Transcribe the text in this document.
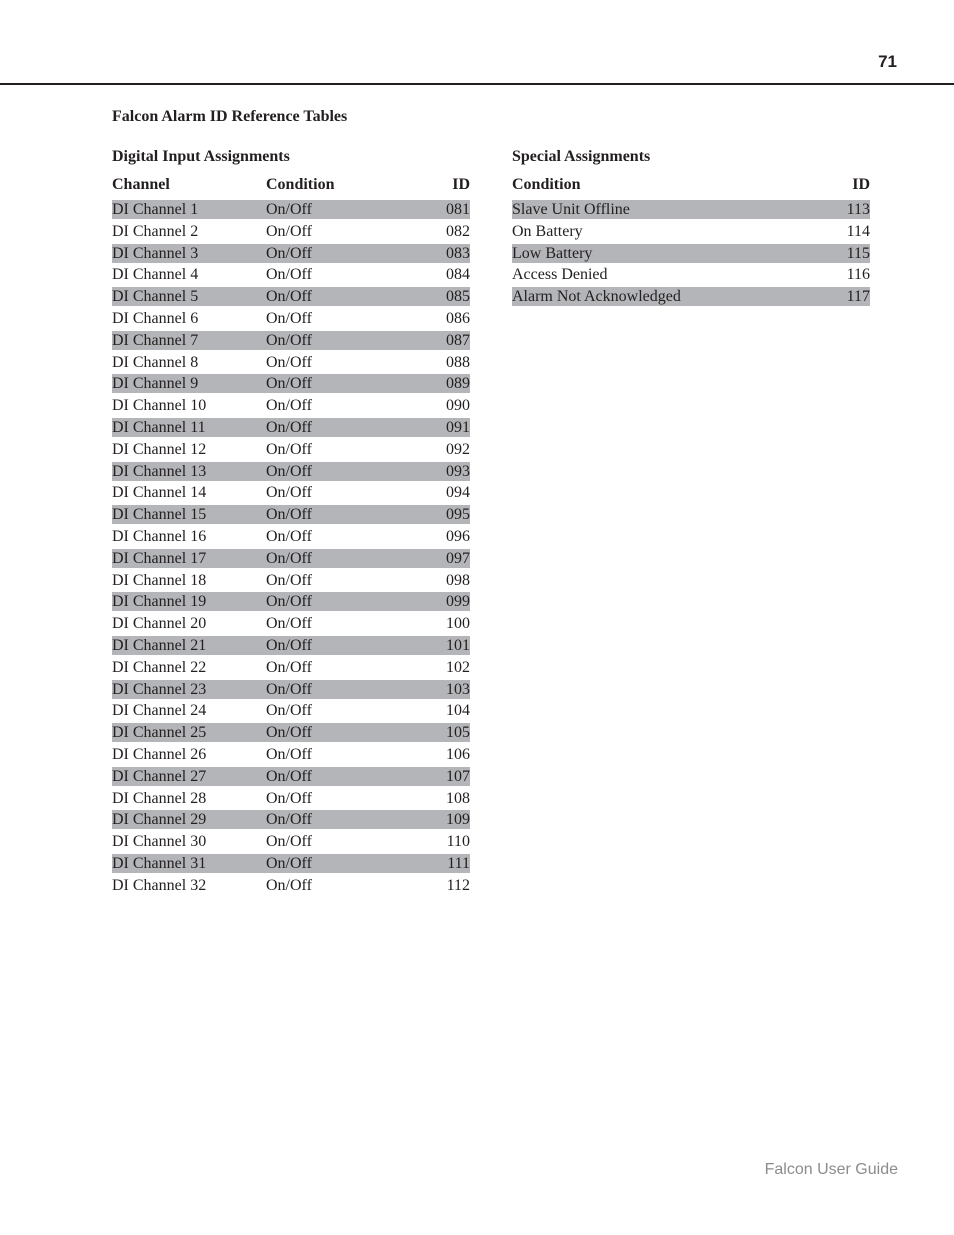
71
Falcon Alarm ID Reference Tables
Digital Input Assignments
Channel	Condition	ID
DI Channel 1	On/Off	081
DI Channel 2	On/Off	082
DI Channel 3	On/Off	083
DI Channel 4	On/Off	084
DI Channel 5	On/Off	085
DI Channel 6	On/Off	086
DI Channel 7	On/Off	087
DI Channel 8	On/Off	088
DI Channel 9	On/Off	089
DI Channel 10	On/Off	090
DI Channel 11	On/Off	091
DI Channel 12	On/Off	092
DI Channel 13	On/Off	093
DI Channel 14	On/Off	094
DI Channel 15	On/Off	095
DI Channel 16	On/Off	096
DI Channel 17	On/Off	097
DI Channel 18	On/Off	098
DI Channel 19	On/Off	099
DI Channel 20	On/Off	100
DI Channel 21	On/Off	101
DI Channel 22	On/Off	102
DI Channel 23	On/Off	103
DI Channel 24	On/Off	104
DI Channel 25	On/Off	105
DI Channel 26	On/Off	106
DI Channel 27	On/Off	107
DI Channel 28	On/Off	108
DI Channel 29	On/Off	109
DI Channel 30	On/Off	110
DI Channel 31	On/Off	111
DI Channel 32	On/Off	112
Special Assignments
Condition	ID
Slave Unit Offline	113
On Battery	114
Low Battery	115
Access Denied	116
Alarm Not Acknowledged	117
Falcon User Guide
